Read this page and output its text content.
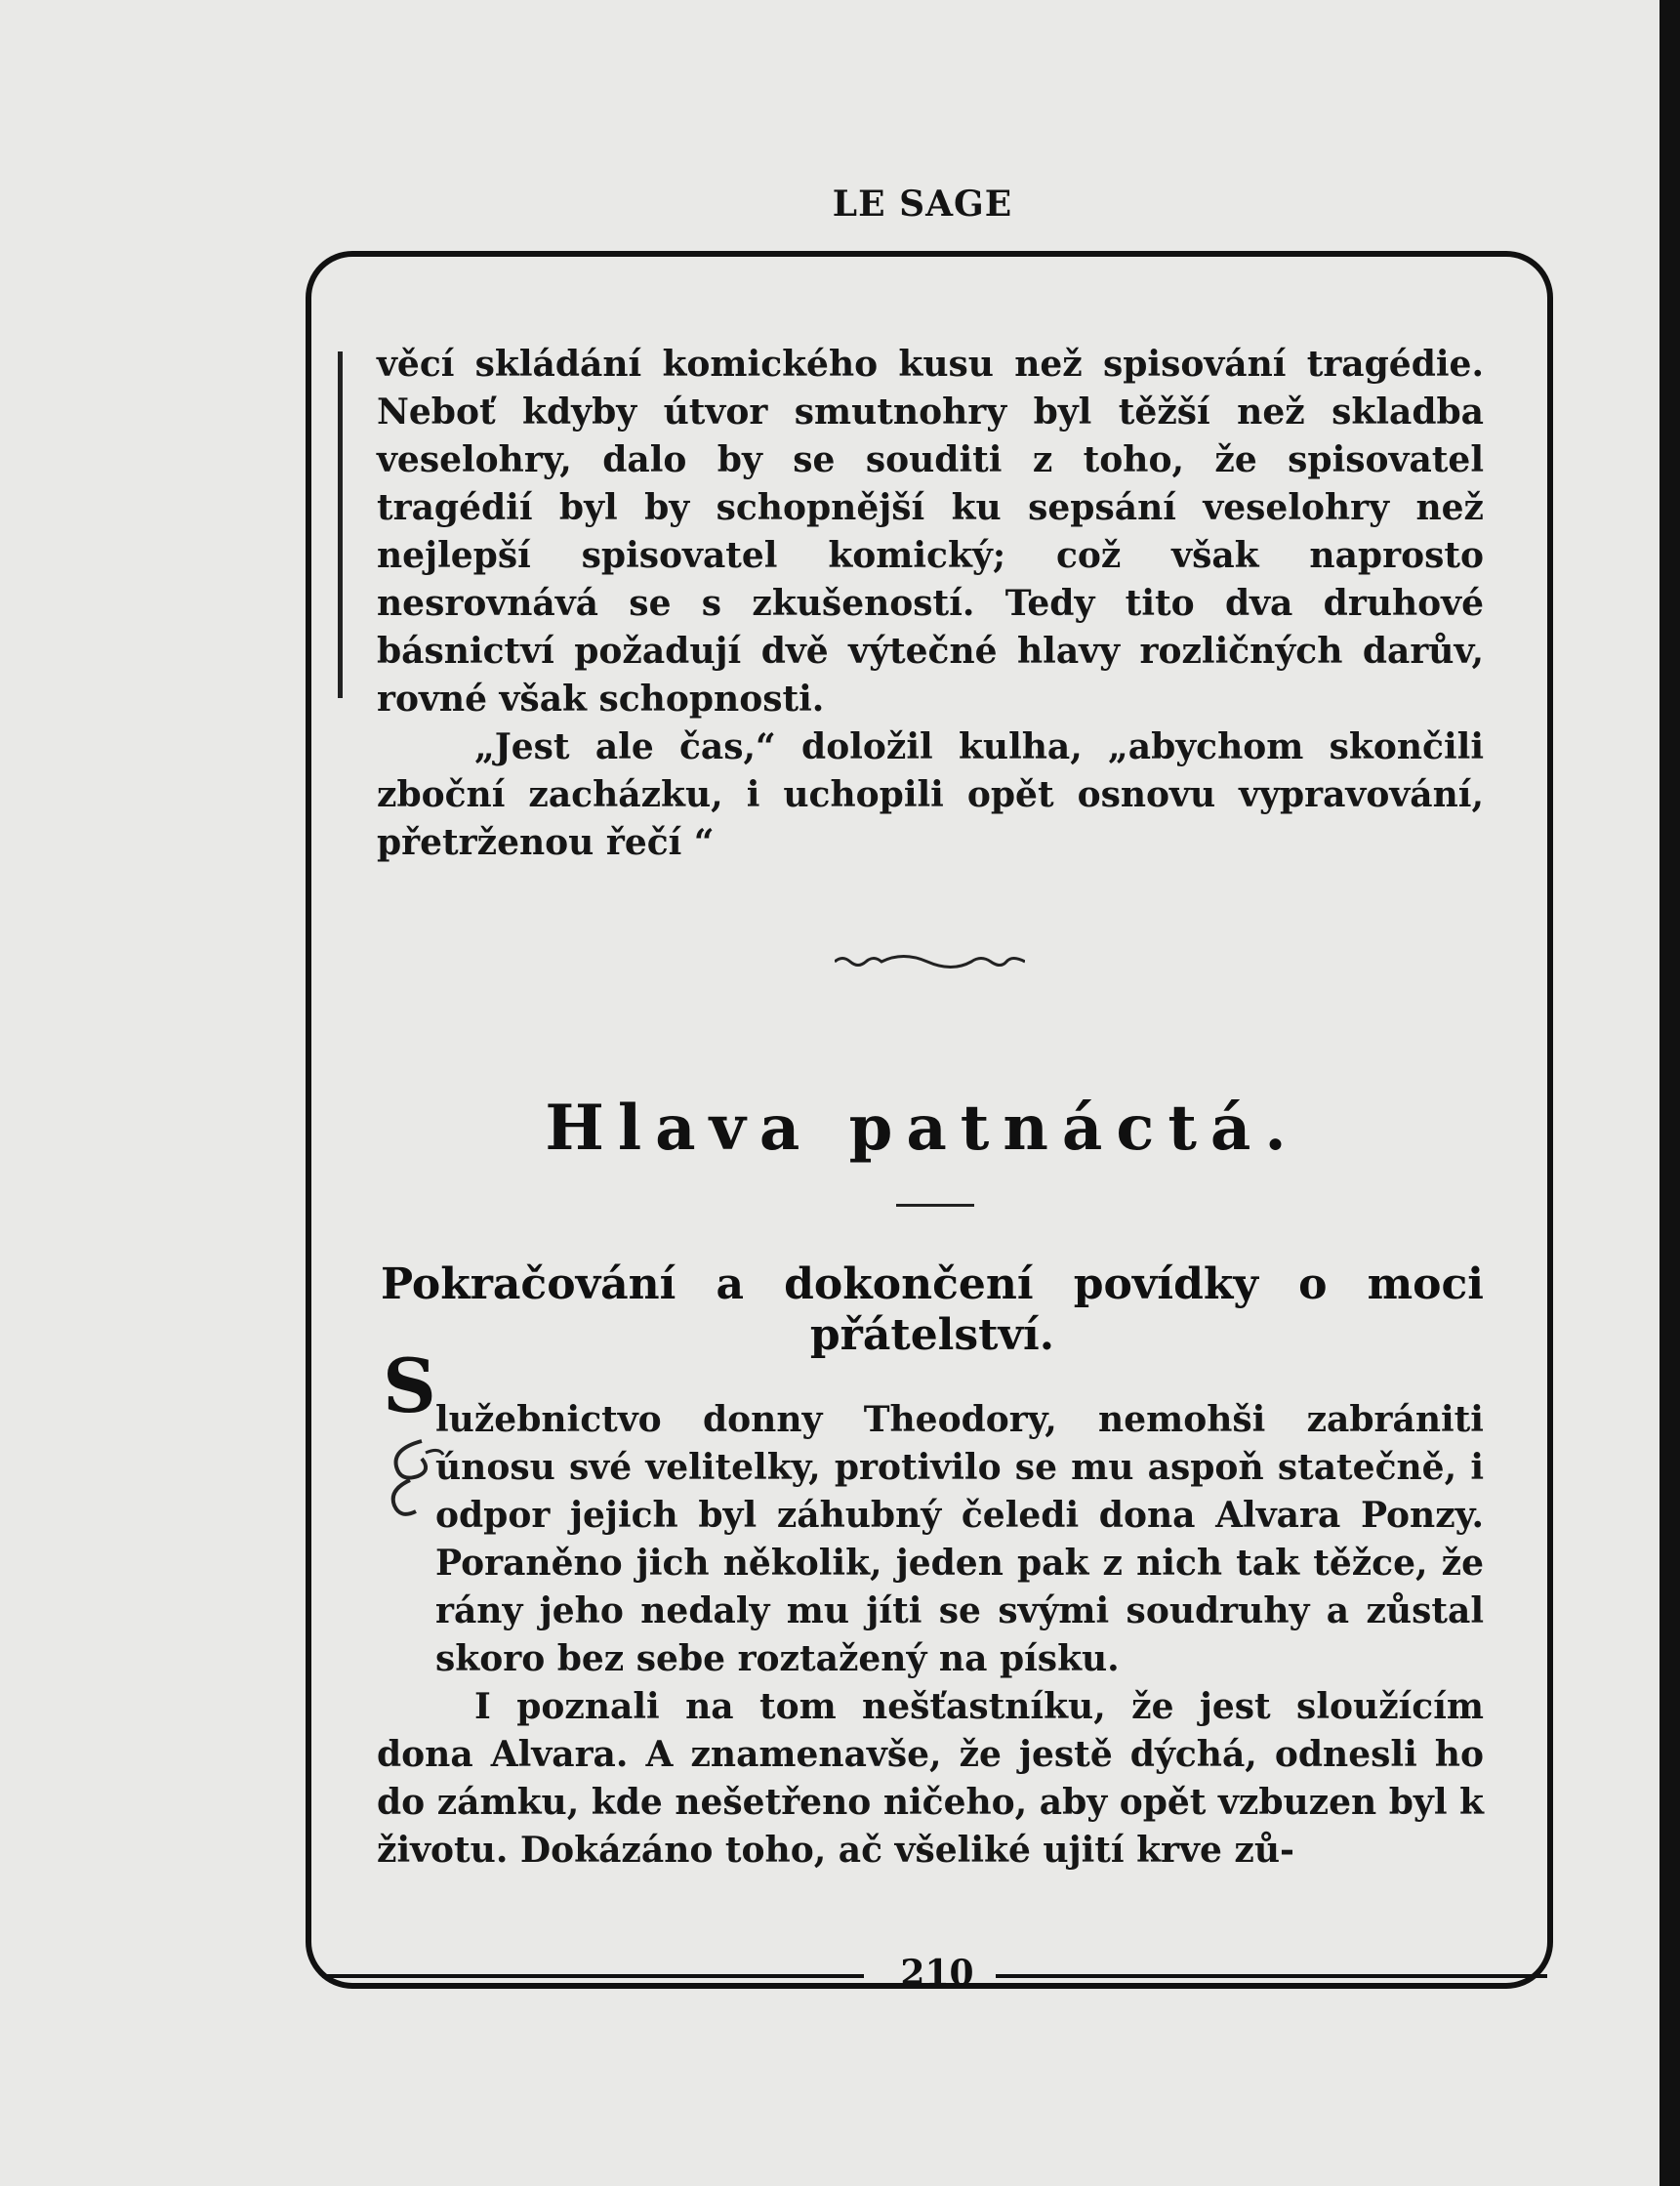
LE SAGE

věcí skládání komického kusu než spisování tragédie. Neboť kdyby útvor smutnohry byl těžší než skladba veselohry, dalo by se souditi z toho, že spisovatel tragédií byl by schopnější ku sepsání veselohry než nejlepší spisovatel komický; což však naprosto nesrovnává se s zkušeností. Tedy tito dva druhové básnictví požadují dvě výtečné hlavy rozličných darův, rovné však schopnosti.

„Jest ale čas,“ doložil kulha, „abychom skončili zboční zacházku, i uchopili opět osnovu vypravování, přetrženou řečí “

Hlava patnáctá.
Pokračování a dokončení povídky o moci
přátelství.
S lužebnictvo donny Theodory, nemohši zabrániti únosu své velitelky, protivilo se mu aspoň statečně, i odpor jejich byl záhubný čeledi dona Alvara Ponzy. Poraněno jich několik, jeden pak z nich tak těžce, že rány jeho nedaly mu jíti se svými soudruhy a zůstal skoro bez sebe roztažený na písku.

I poznali na tom nešťastníku, že jest sloužícím dona Alvara. A znamenavše, že jestě dýchá, odnesli ho do zámku, kde nešetřeno ničeho, aby opět vzbuzen byl k životu. Dokázáno toho, ač všeliké ujití krve zů-

210
